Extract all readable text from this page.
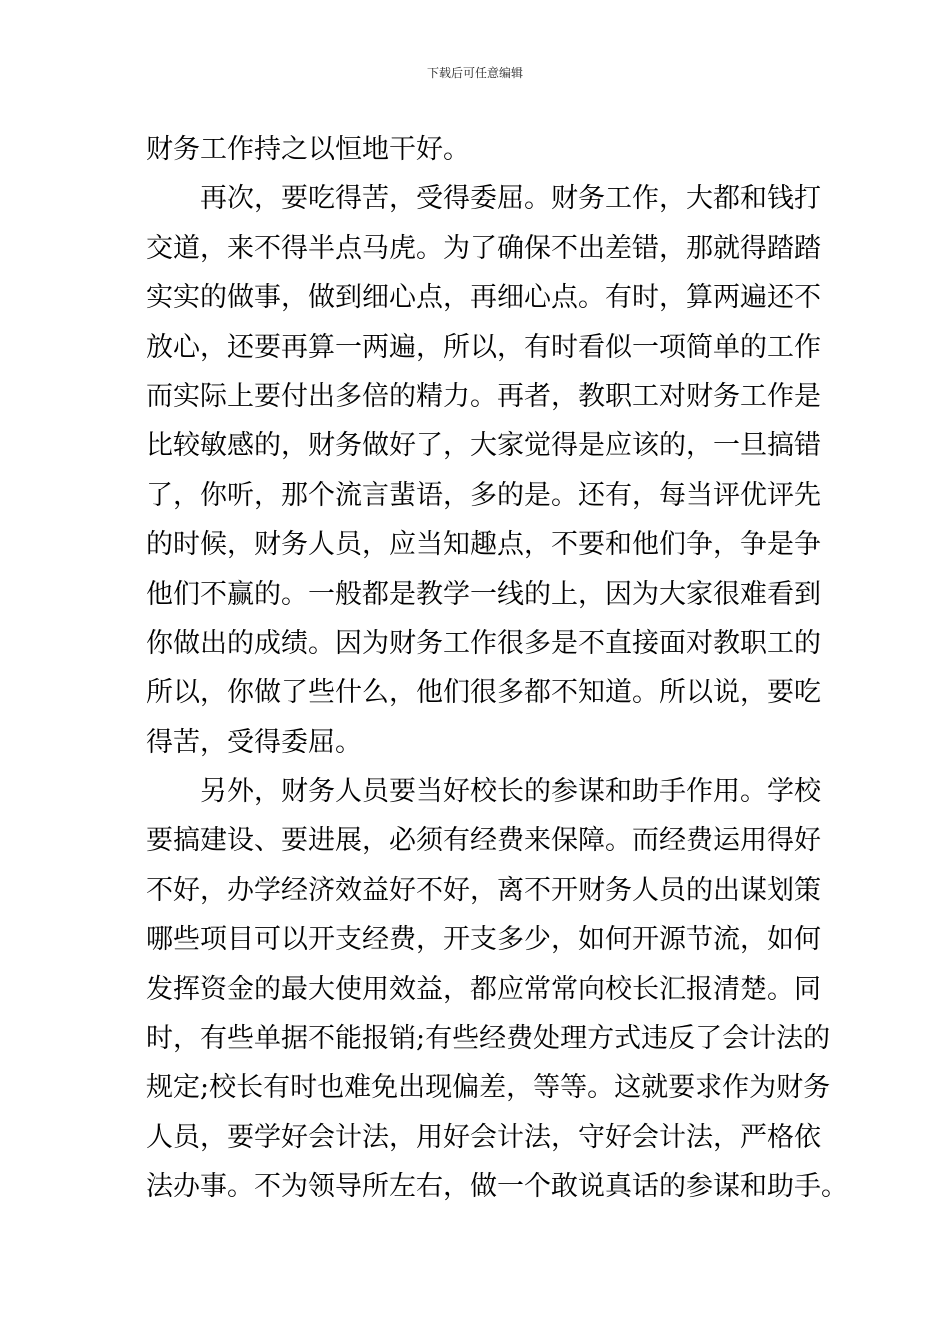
下载后可任意编辑
财务工作持之以恒地干好。
再次，要吃得苦，受得委屈。财务工作，大都和钱打
交道，来不得半点马虎。为了确保不出差错，那就得踏踏
实实的做事，做到细心点，再细心点。有时，算两遍还不
放心，还要再算一两遍，所以，有时看似一项简单的工作
而实际上要付出多倍的精力。再者，教职工对财务工作是
比较敏感的，财务做好了，大家觉得是应该的，一旦搞错
了，你听，那个流言蜚语，多的是。还有，每当评优评先
的时候，财务人员，应当知趣点，不要和他们争，争是争
他们不赢的。一般都是教学一线的上，因为大家很难看到
你做出的成绩。因为财务工作很多是不直接面对教职工的
所以，你做了些什么，他们很多都不知道。所以说，要吃
得苦，受得委屈。
另外，财务人员要当好校长的参谋和助手作用。学校
要搞建设、要进展，必须有经费来保障。而经费运用得好
不好，办学经济效益好不好，离不开财务人员的出谋划策
哪些项目可以开支经费，开支多少，如何开源节流，如何
发挥资金的最大使用效益，都应常常向校长汇报清楚。同
时，有些单据不能报销;有些经费处理方式违反了会计法的
规定;校长有时也难免出现偏差，等等。这就要求作为财务
人员，要学好会计法，用好会计法，守好会计法，严格依
法办事。不为领导所左右，做一个敢说真话的参谋和助手。
